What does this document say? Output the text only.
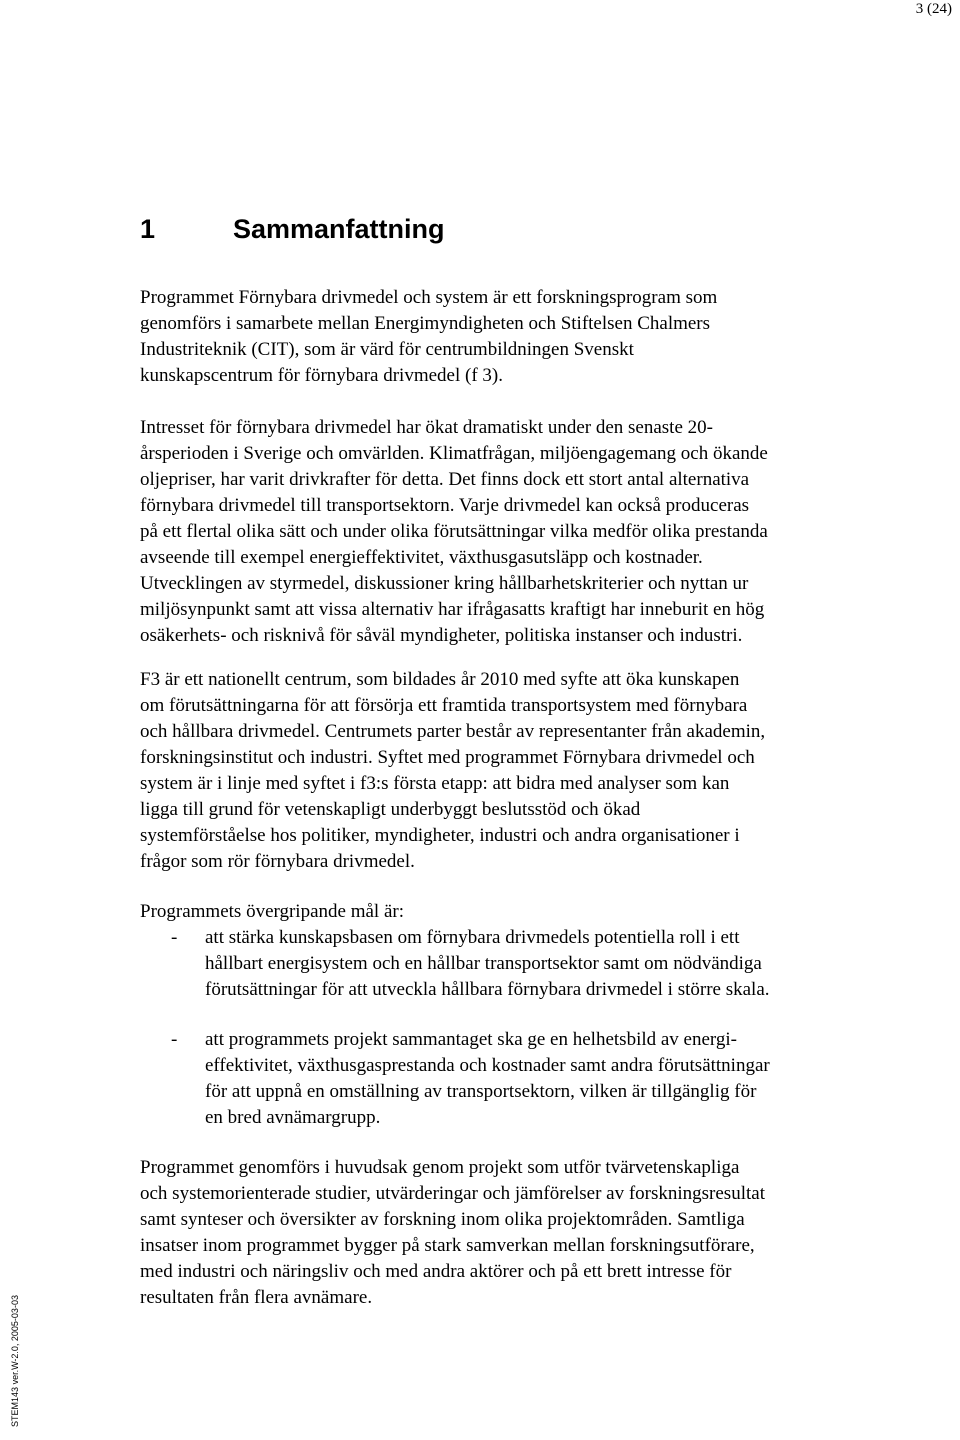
3 (24)
1	Sammanfattning
Programmet Förnybara drivmedel och system är ett forskningsprogram som
genomförs i samarbete mellan Energimyndigheten och Stiftelsen Chalmers
Industriteknik (CIT), som är värd för centrumbildningen Svenskt
kunskapscentrum för förnybara drivmedel (f 3).
Intresset för förnybara drivmedel har ökat dramatiskt under den senaste 20-
årsperioden i Sverige och omvärlden. Klimatfrågan, miljöengagemang och ökande
oljepriser, har varit drivkrafter för detta. Det finns dock ett stort antal alternativa
förnybara drivmedel till transportsektorn. Varje drivmedel kan också produceras
på ett flertal olika sätt och under olika förutsättningar vilka medför olika prestanda
avseende till exempel energieffektivitet, växthusgasutsläpp och kostnader.
Utvecklingen av styrmedel, diskussioner kring hållbarhetskriterier och nyttan ur
miljösynpunkt samt att vissa alternativ har ifrågasatts kraftigt har inneburit en hög
osäkerhets- och risknivå för såväl myndigheter, politiska instanser och industri.
F3 är ett nationellt centrum, som bildades år 2010 med syfte att öka kunskapen
om förutsättningarna för att försörja ett framtida transportsystem med förnybara
och hållbara drivmedel. Centrumets parter består av representanter från akademin,
forskningsinstitut och industri. Syftet med programmet Förnybara drivmedel och
system är i linje med syftet i f3:s första etapp: att bidra med analyser som kan
ligga till grund för vetenskapligt underbyggt beslutsstöd och ökad
systemförståelse hos politiker, myndigheter, industri och andra organisationer i
frågor som rör förnybara drivmedel.
Programmets övergripande mål är:
- att stärka kunskapsbasen om förnybara drivmedels potentiella roll i ett
hållbart energisystem och en hållbar transportsektor samt om nödvändiga
förutsättningar för att utveckla hållbara förnybara drivmedel i större skala.
- att programmets projekt sammantaget ska ge en helhetsbild av energi-
effektivitet, växthusgasprestanda och kostnader samt andra förutsättningar
för att uppnå en omställning av transportsektorn, vilken är tillgänglig för
en bred avnämargrupp.
Programmet genomförs i huvudsak genom projekt som utför tvärvetenskapliga
och systemorienterade studier, utvärderingar och jämförelser av forskningsresultat
samt synteser och översikter av forskning inom olika projektområden. Samtliga
insatser inom programmet bygger på stark samverkan mellan forskningsutförare,
med industri och näringsliv och med andra aktörer och på ett brett intresse för
resultaten från flera avnämare.
STEM143 ver.W-2.0, 2005-03-03
